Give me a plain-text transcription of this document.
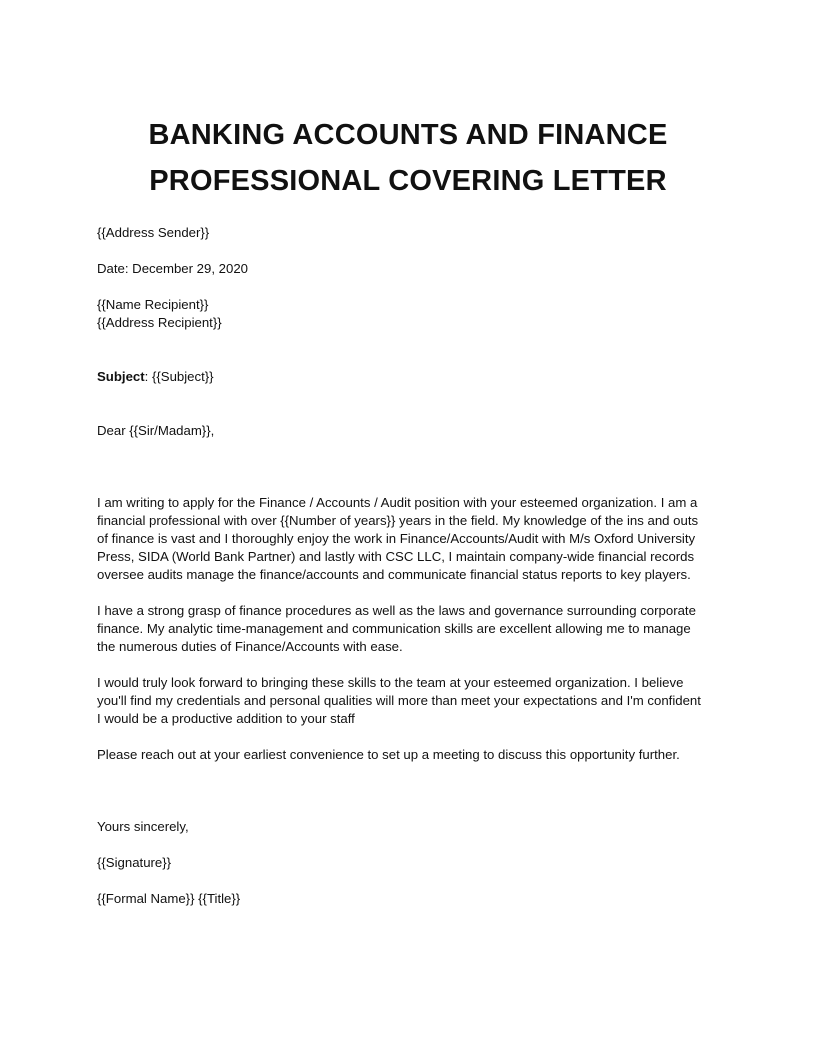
BANKING ACCOUNTS AND FINANCE
PROFESSIONAL COVERING LETTER
{{Address Sender}}
Date: December 29, 2020
{{Name Recipient}}
{{Address Recipient}}
Subject: {{Subject}}
Dear {{Sir/Madam}},
I am writing to apply for the Finance / Accounts / Audit position with your esteemed organization. I am a
financial professional with over {{Number of years}} years in the field. My knowledge of the ins and outs
of finance is vast and I thoroughly enjoy the work in Finance/Accounts/Audit with M/s Oxford University
Press, SIDA (World Bank Partner) and lastly with CSC LLC, I maintain company-wide financial records
oversee audits manage the finance/accounts and communicate financial status reports to key players.
I have a strong grasp of finance procedures as well as the laws and governance surrounding corporate
finance. My analytic time-management and communication skills are excellent allowing me to manage
the numerous duties of Finance/Accounts with ease.
I would truly look forward to bringing these skills to the team at your esteemed organization. I believe
you'll find my credentials and personal qualities will more than meet your expectations and I'm confident
I would be a productive addition to your staff
Please reach out at your earliest convenience to set up a meeting to discuss this opportunity further.
Yours sincerely,
{{Signature}}
{{Formal Name}} {{Title}}
